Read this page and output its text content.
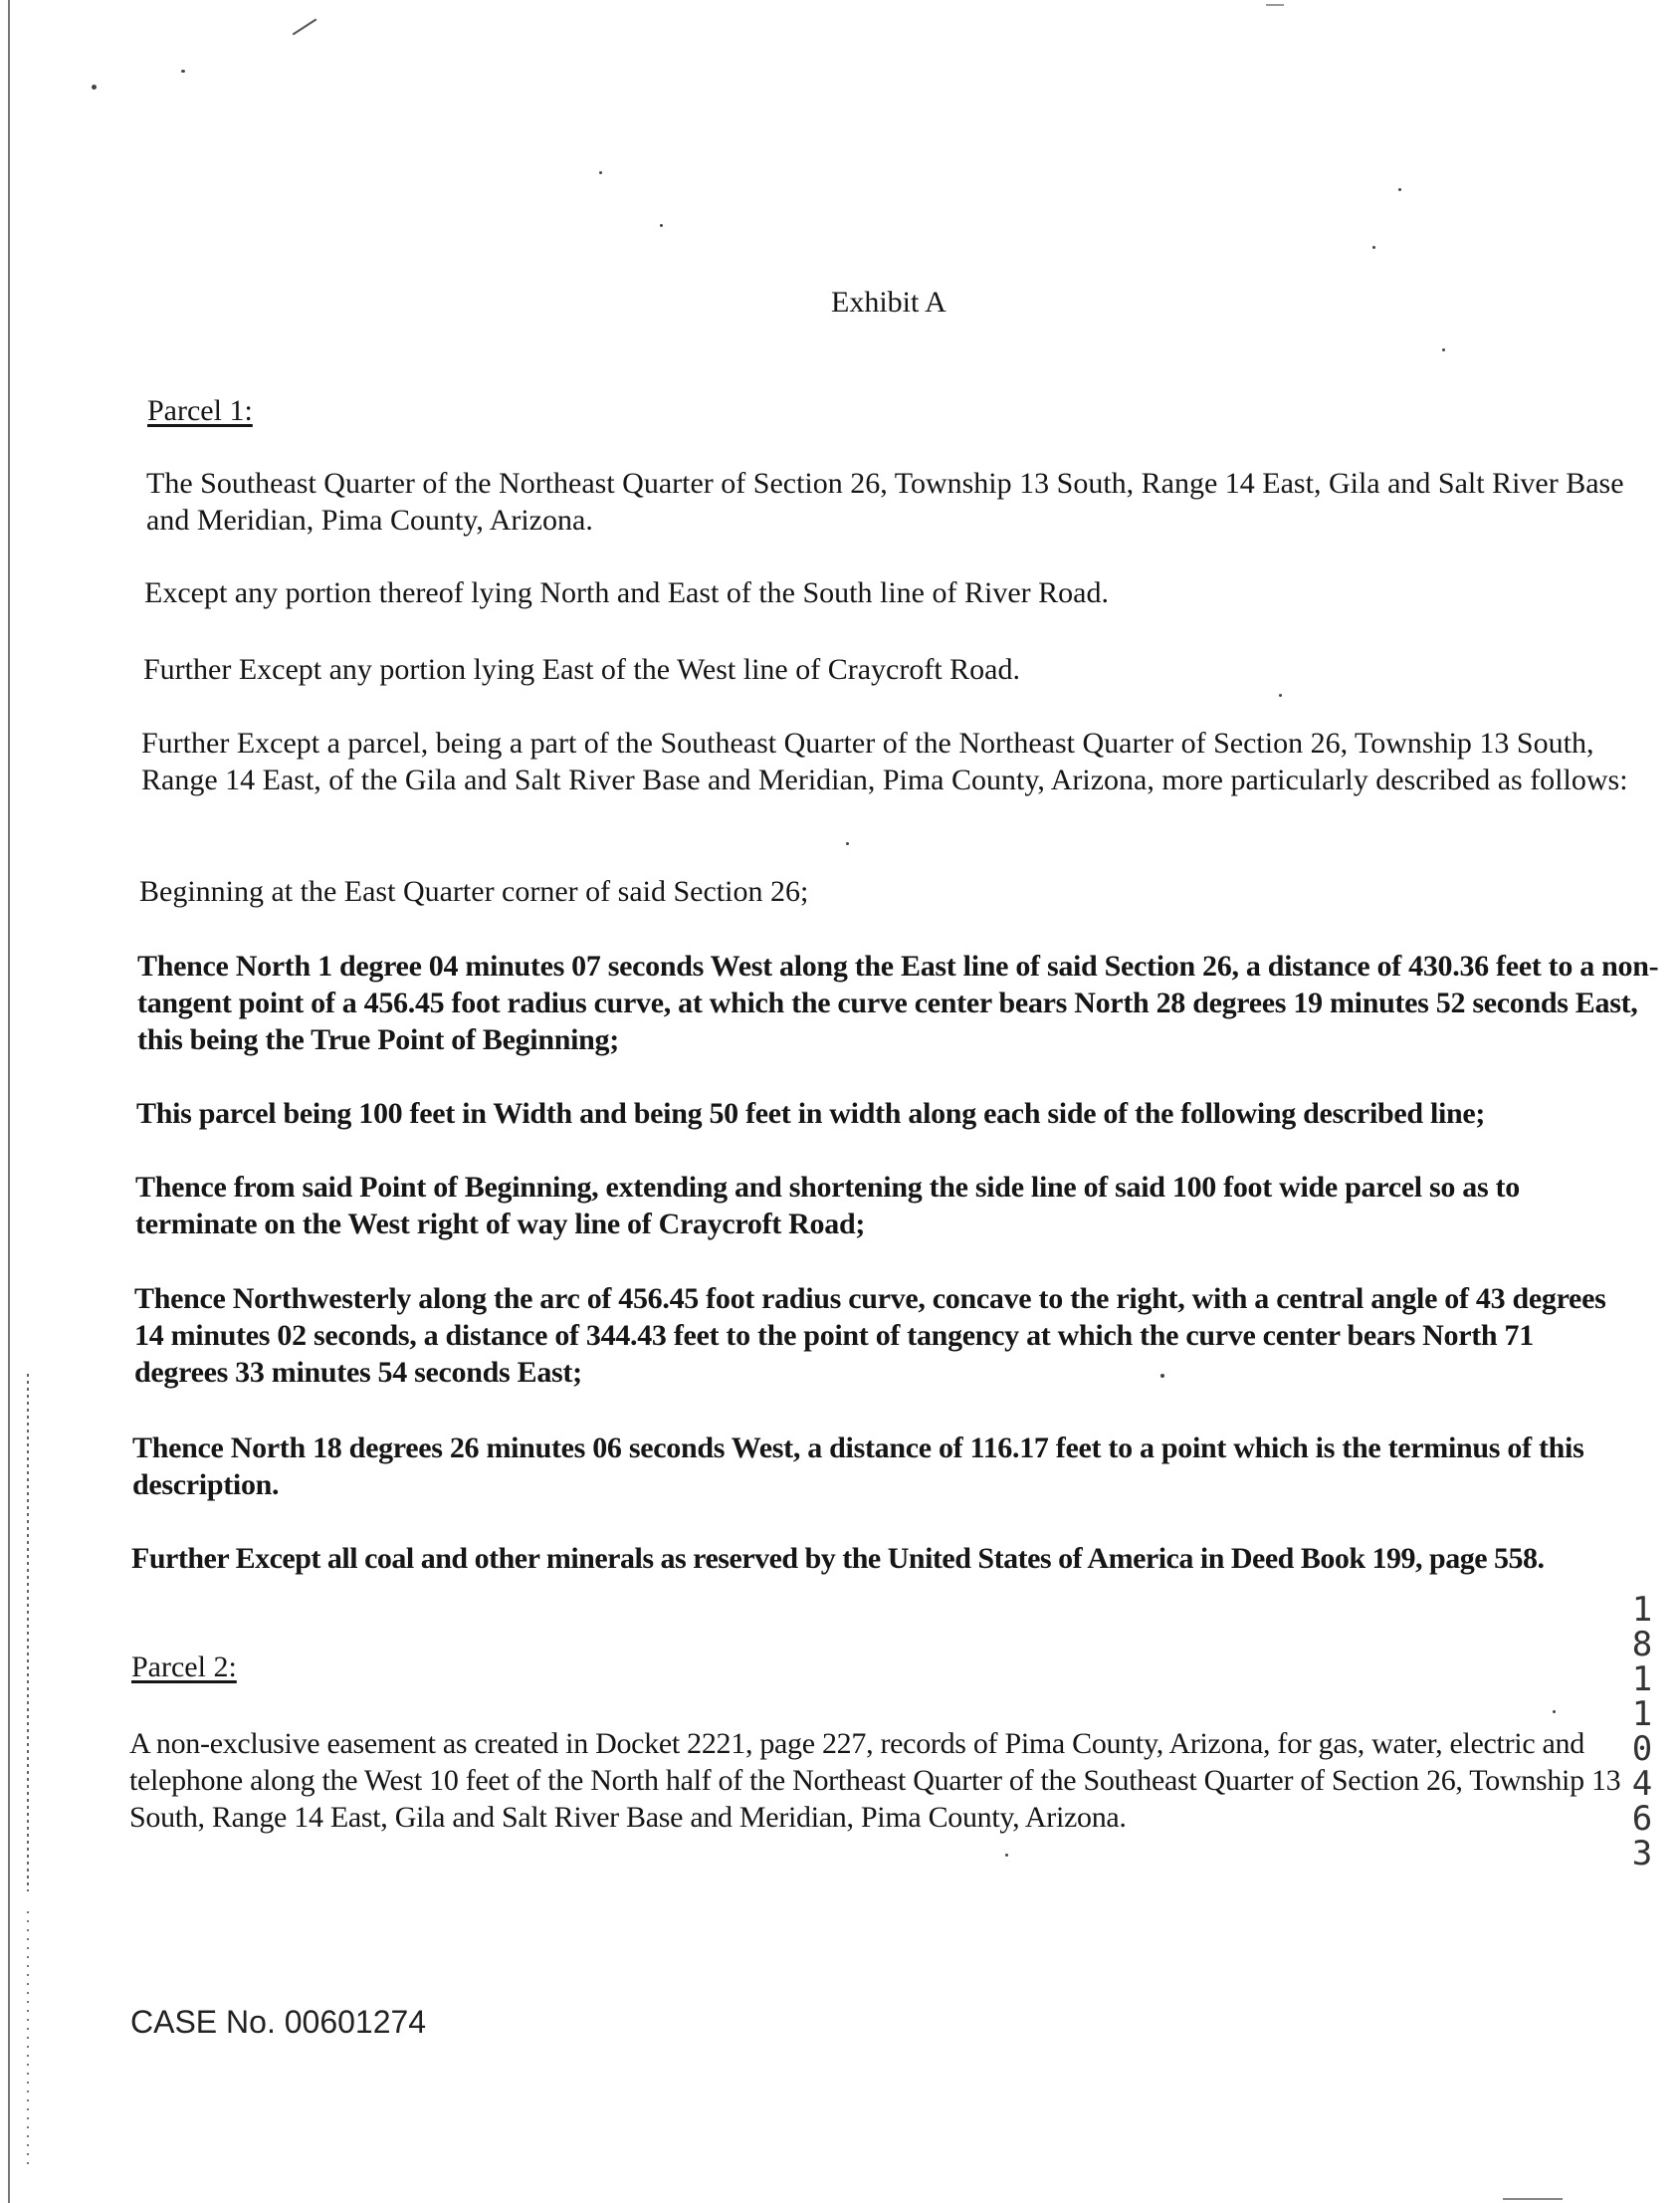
Exhibit A
Parcel 1:

The Southeast Quarter of the Northeast Quarter of Section 26, Township 13 South, Range 14 East, Gila and Salt River Base and Meridian, Pima County, Arizona.

Except any portion thereof lying North and East of the South line of River Road.

Further Except any portion lying East of the West line of Craycroft Road.

Further Except a parcel, being a part of the Southeast Quarter of the Northeast Quarter of Section 26, Township 13 South, Range 14 East, of the Gila and Salt River Base and Meridian, Pima County, Arizona, more particularly described as follows:

Beginning at the East Quarter corner of said Section 26;

Thence North 1 degree 04 minutes 07 seconds West along the East line of said Section 26, a distance of 430.36 feet to a non-tangent point of a 456.45 foot radius curve, at which the curve center bears North 28 degrees 19 minutes 52 seconds East, this being the True Point of Beginning;

This parcel being 100 feet in Width and being 50 feet in width along each side of the following described line;

Thence from said Point of Beginning, extending and shortening the side line of said 100 foot wide parcel so as to terminate on the West right of way line of Craycroft Road;

Thence Northwesterly along the arc of 456.45 foot radius curve, concave to the right, with a central angle of 43 degrees 14 minutes 02 seconds, a distance of 344.43 feet to the point of tangency at which the curve center bears North 71 degrees 33 minutes 54 seconds East;

Thence North 18 degrees 26 minutes 06 seconds West, a distance of 116.17 feet to a point which is the terminus of this description.

Further Except all coal and other minerals as reserved by the United States of America in Deed Book 199, page 558.

Parcel 2:

A non-exclusive easement as created in Docket 2221, page 227, records of Pima County, Arizona, for gas, water, electric and telephone along the West 10 feet of the North half of the Northeast Quarter of the Southeast Quarter of Section 26, Township 13 South, Range 14 East, Gila and Salt River Base and Meridian, Pima County, Arizona.

CASE No. 00601274
1
8
1
1
0
4
6
3
